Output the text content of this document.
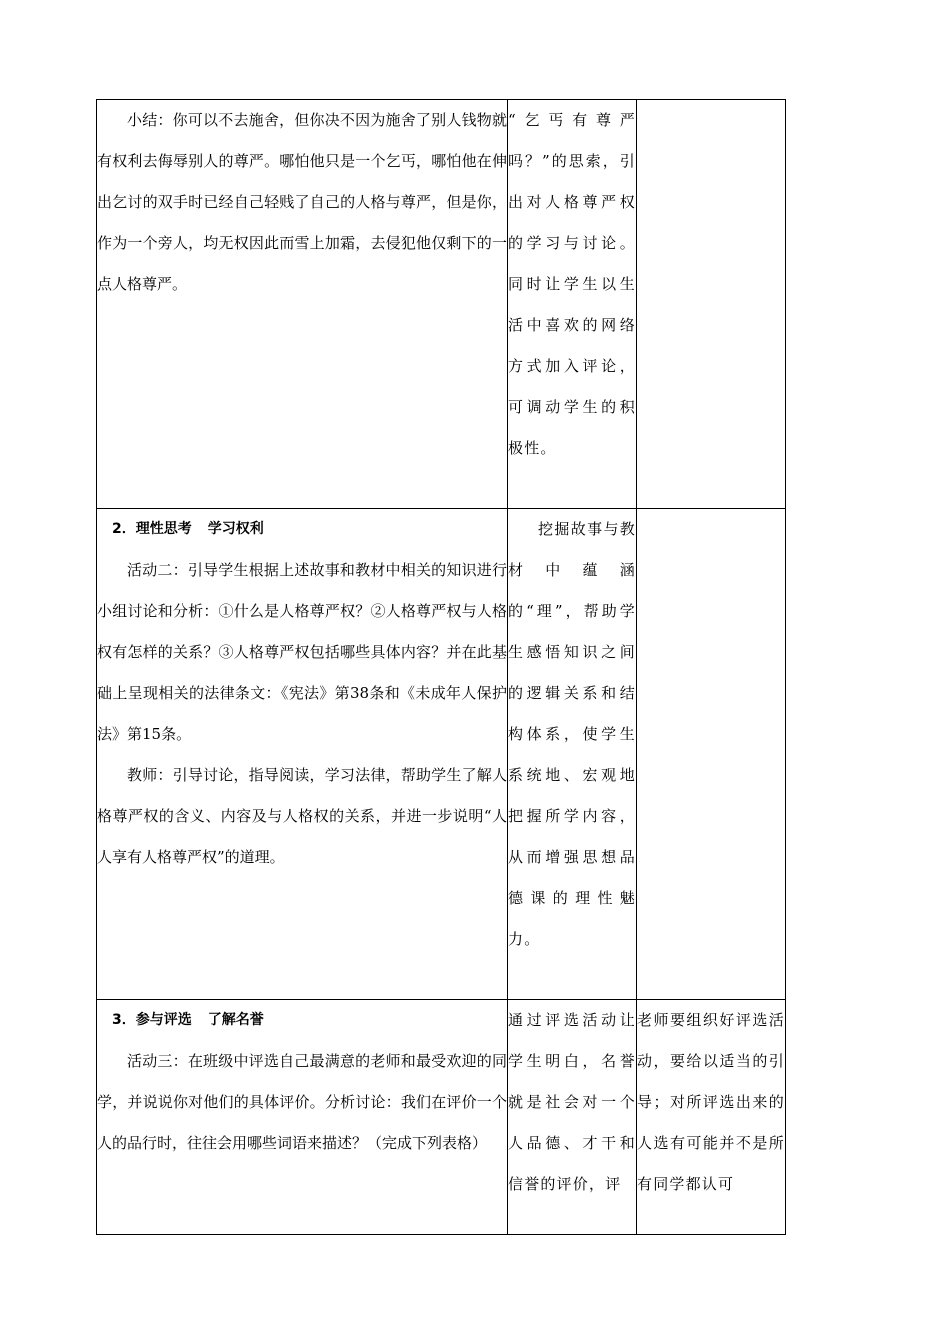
小结：你可以不去施舍，但你决不因为施舍了别人钱物就有权利去侮辱别人的尊严。哪怕他只是一个乞丐，哪怕他在伸出乞讨的双手时已经自己轻贱了自己的人格与尊严，但是你，作为一个旁人，均无权因此而雪上加霜，去侵犯他仅剩下的一点人格尊严。	“乞丐有尊严吗？”的思索，引出对人格尊严权的学习与讨论。同时让学生以生活中喜欢的网络方式加入评论，可调动学生的积极性。	

2．理性思考 学习权利

活动二：引导学生根据上述故事和教材中相关的知识进行小组讨论和分析：①什么是人格尊严权？②人格尊严权与人格权有怎样的关系？③人格尊严权包括哪些具体内容？并在此基础上呈现相关的法律条文：《宪法》第38条和《未成年人保护法》第15条。

教师：引导讨论，指导阅读，学习法律，帮助学生了解人格尊严权的含义、内容及与人格权的关系，并进一步说明“人人享有人格尊严权”的道理。	挖掘故事与教材中蕴涵的“理”，帮助学生感悟知识之间的逻辑关系和结构体系，使学生系统地、宏观地把握所学内容，从而增强思想品德课的理性魅力。	

3．参与评选 了解名誉

活动三：在班级中评选自己最满意的老师和最受欢迎的同学，并说说你对他们的具体评价。分析讨论：我们在评价一个人的品行时，往往会用哪些词语来描述？（完成下列表格）	通过评选活动让学生明白，名誉就是社会对一个人品德、才干和信誉的评价，评	老师要组织好评选活动，要给以适当的引导；对所评选出来的人选有可能并不是所有同学都认可
